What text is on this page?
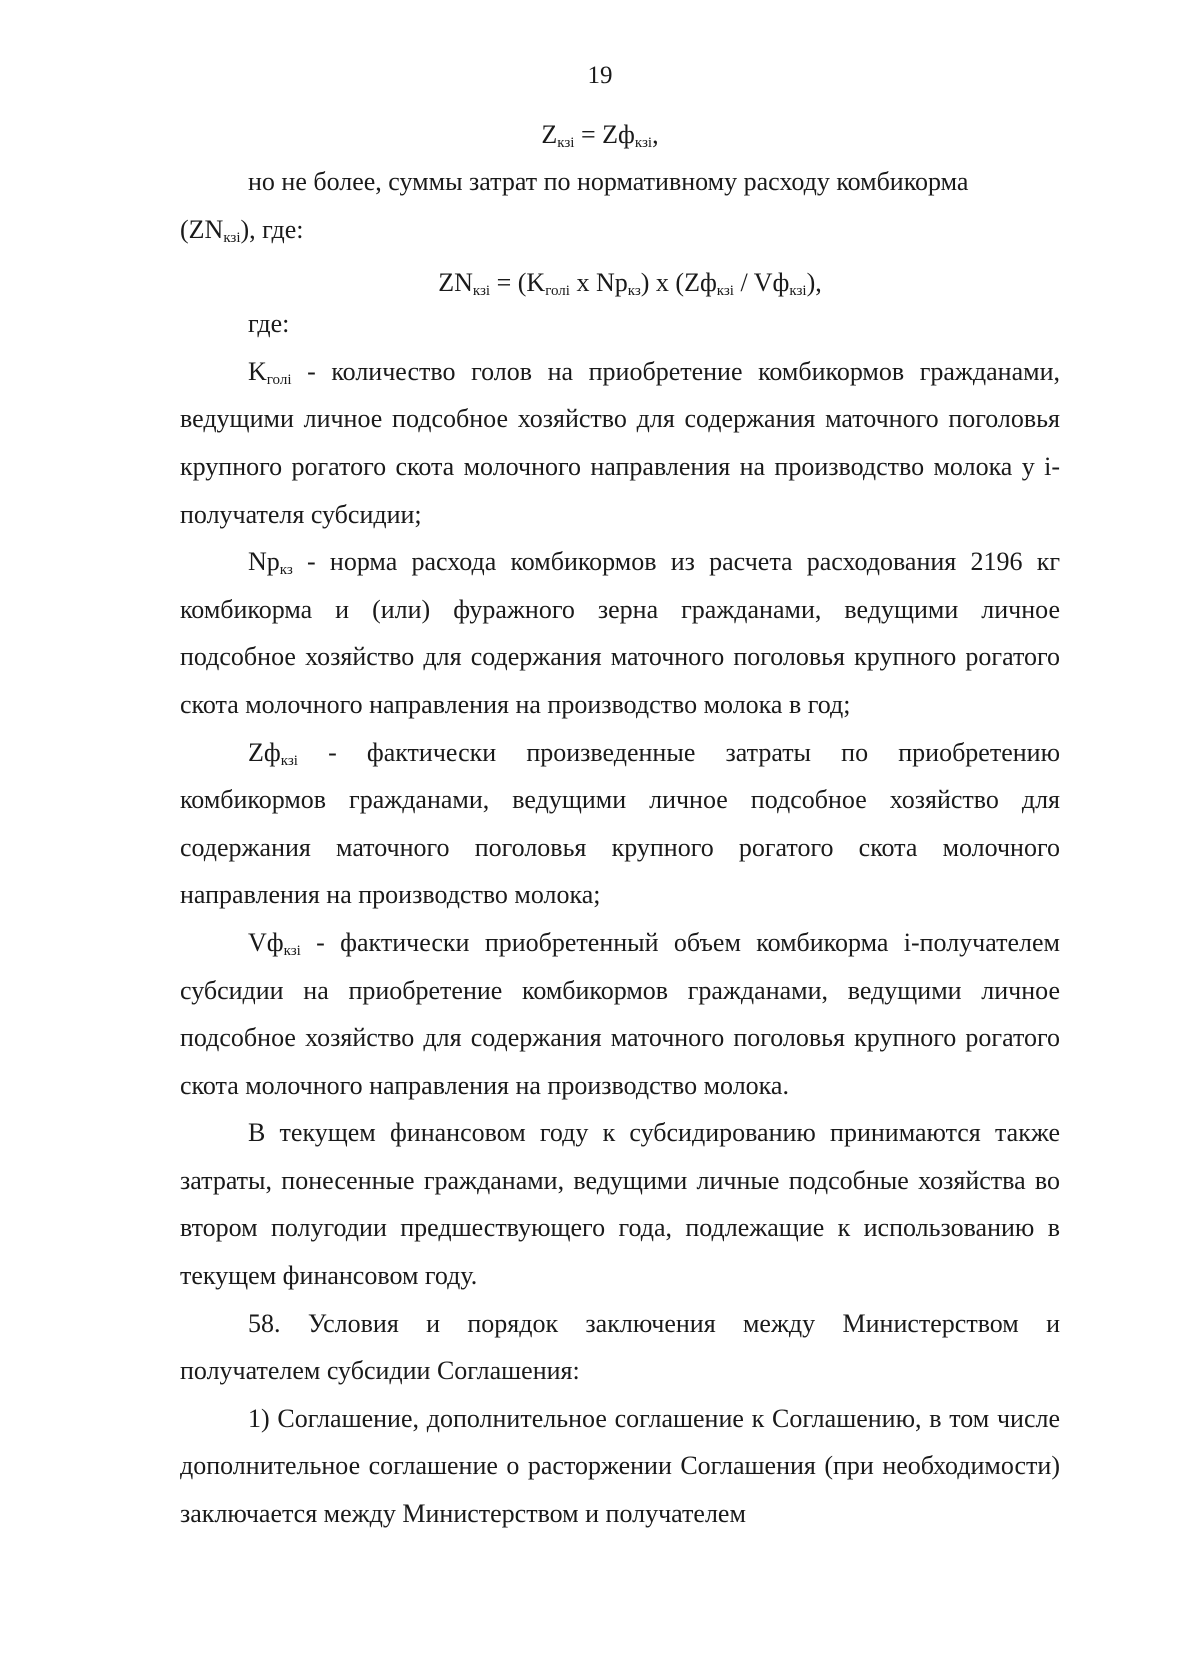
19
$Z_{кзi} = Zф_{кзi}$,

но не более, суммы затрат по нормативному расходу комбикорма

$(ZN_{кзi})$, где:

где:

$K_{голi}$ - количество голов на приобретение комбикормов гражданами, ведущими личное подсобное хозяйство для содержания маточного поголовья крупного рогатого скота молочного направления на производство молока у i-получателя субсидии;

$Np_{кз}$ - норма расхода комбикормов из расчета расходования 2196 кг комбикорма и (или) фуражного зерна гражданами, ведущими личное подсобное хозяйство для содержания маточного поголовья крупного рогатого скота молочного направления на производство молока в год;

$Zф_{кзi}$ - фактически произведенные затраты по приобретению комбикормов гражданами, ведущими личное подсобное хозяйство для содержания маточного поголовья крупного рогатого скота молочного направления на производство молока;

$Vф_{кзi}$ - фактически приобретенный объем комбикорма i-получателем субсидии на приобретение комбикормов гражданами, ведущими личное подсобное хозяйство для содержания маточного поголовья крупного рогатого скота молочного направления на производство молока.

В текущем финансовом году к субсидированию принимаются также затраты, понесенные гражданами, ведущими личные подсобные хозяйства во втором полугодии предшествующего года, подлежащие к использованию в текущем финансовом году.

58. Условия и порядок заключения между Министерством и получателем субсидии Соглашения:

1) Соглашение, дополнительное соглашение к Соглашению, в том числе дополнительное соглашение о расторжении Соглашения (при необходимости) заключается между Министерством и получателем

$ZN_{кзi} = (K_{голi}$ x $Np_{кз}$) x $(Zф_{кзi} / Vф_{кзi})$,
